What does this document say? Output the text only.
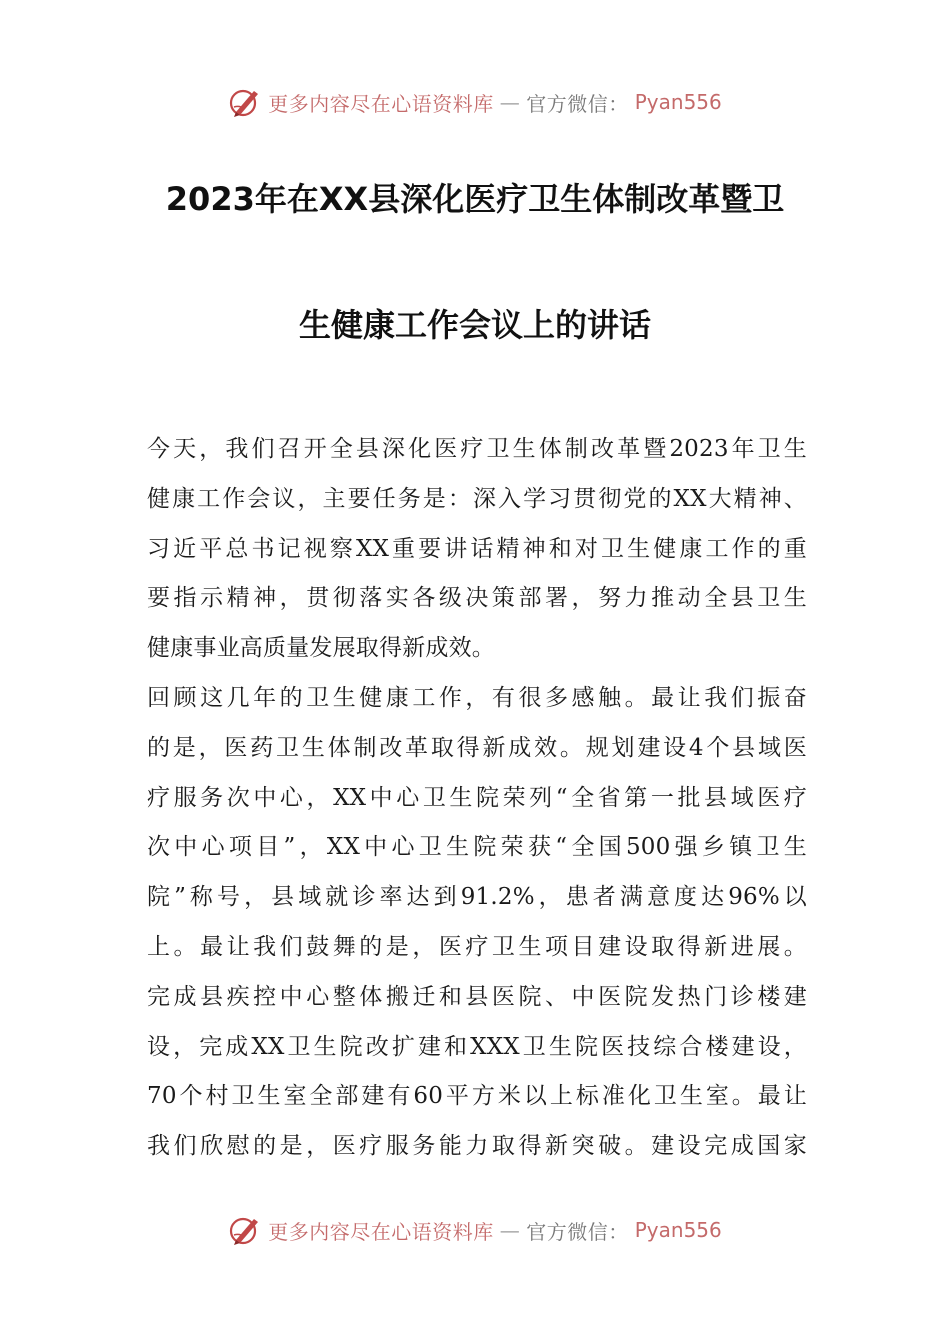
更多内容尽在心语资料库 — 官方微信： Pyan556
2023年在XX县深化医疗卫生体制改革暨卫
生健康工作会议上的讲话
今天，我们召开全县深化医疗卫生体制改革暨2023年卫生
健康工作会议，主要任务是：深入学习贯彻党的XX大精神、
习近平总书记视察XX重要讲话精神和对卫生健康工作的重
要指示精神，贯彻落实各级决策部署，努力推动全县卫生
健康事业高质量发展取得新成效。
回顾这几年的卫生健康工作，有很多感触。最让我们振奋
的是，医药卫生体制改革取得新成效。规划建设4个县域医
疗服务次中心，XX中心卫生院荣列“全省第一批县域医疗
次中心项目”，XX中心卫生院荣获“全国500强乡镇卫生
院”称号，县域就诊率达到91.2%，患者满意度达96%以
上。最让我们鼓舞的是，医疗卫生项目建设取得新进展。
完成县疾控中心整体搬迁和县医院、中医院发热门诊楼建
设，完成XX卫生院改扩建和XXX卫生院医技综合楼建设，
70个村卫生室全部建有60平方米以上标准化卫生室。最让
我们欣慰的是，医疗服务能力取得新突破。建设完成国家
更多内容尽在心语资料库 — 官方微信： Pyan556
